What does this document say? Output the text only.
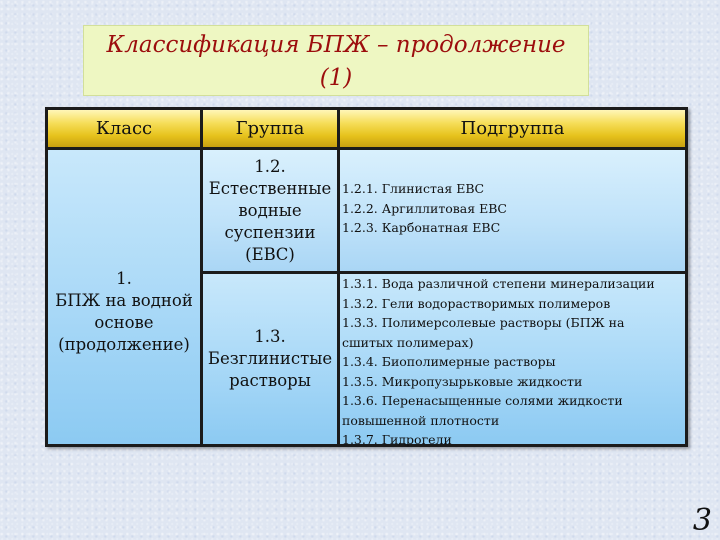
Классификация БПЖ – продолжение
(1)
Класс	Группа	Подгруппа
1.
БПЖ на водной
основе
(продолжение)
1.2.
Естественные
водные
суспензии
(ЕВС)
1.2.1. Глинистая ЕВС
1.2.2. Аргиллитовая ЕВС
1.2.3. Карбонатная ЕВС
1.3.
Безглинистые
растворы
1.3.1. Вода различной степени минерализации
1.3.2. Гели водорастворимых полимеров
1.3.3. Полимерсолевые растворы (БПЖ на сшитых полимерах)
1.3.4. Биополимерные растворы
1.3.5. Микропузырьковые жидкости
1.3.6. Перенасыщенные солями жидкости повышенной плотности
1.3.7. Гидрогели
3
